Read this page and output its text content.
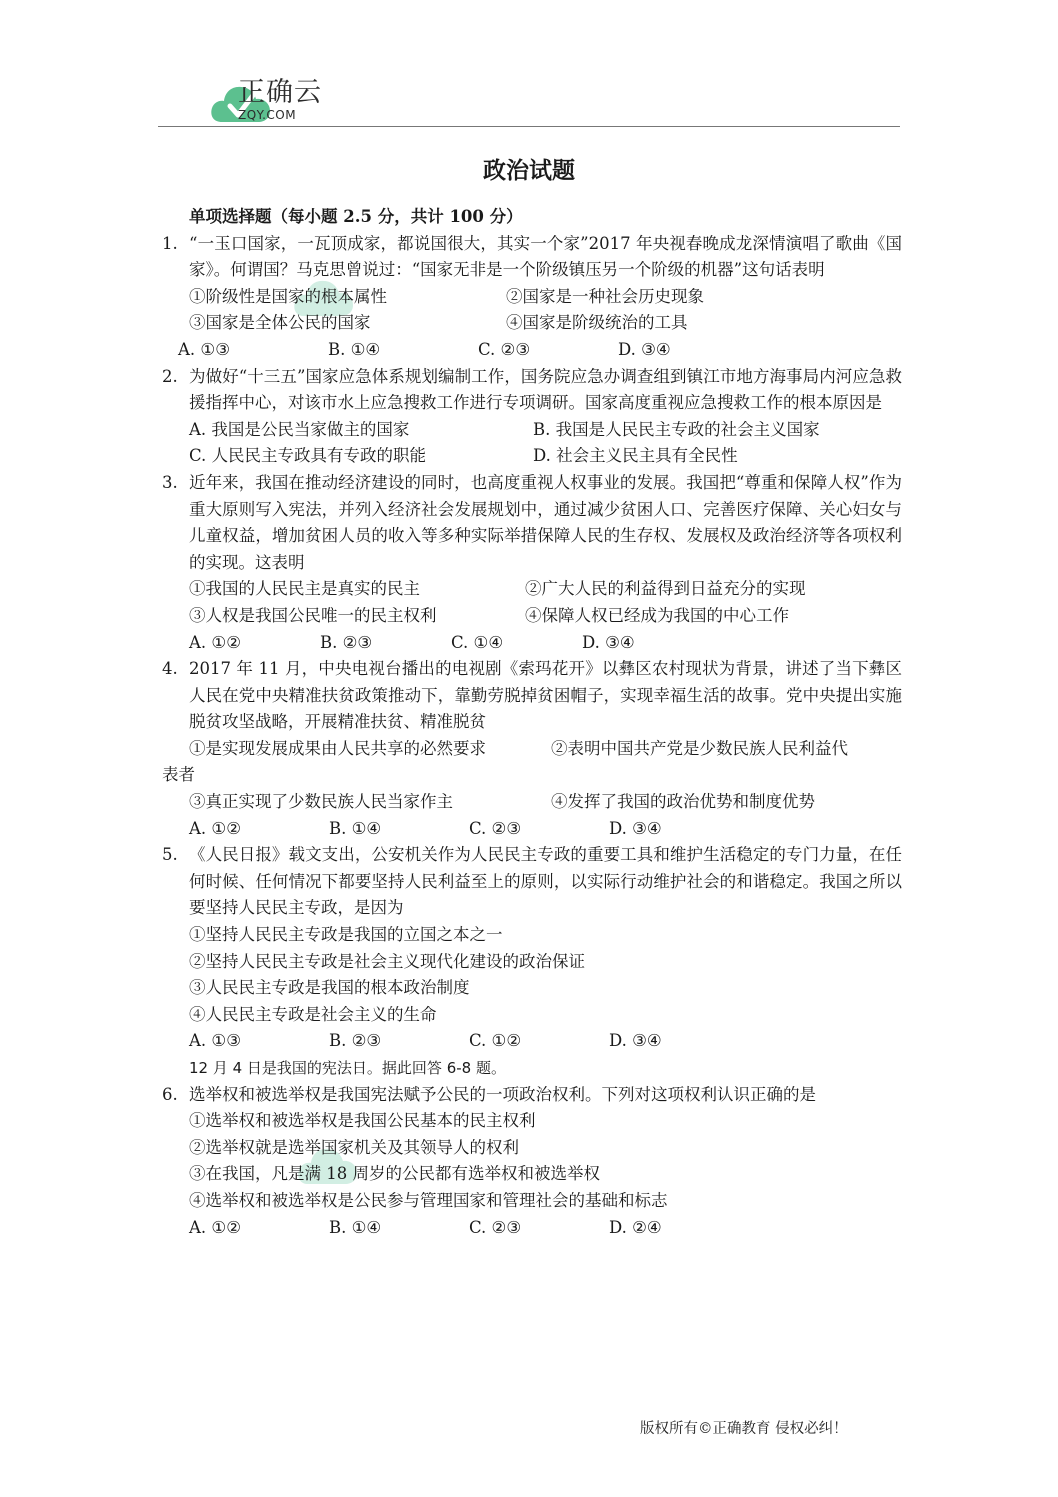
正确云
ZQY.COM
政治试题
单项选择题（每小题 2.5 分，共计 100 分）
1. “一玉口国家，一瓦顶成家，都说国很大，其实一个家”2017 年央视春晚成龙深情演唱了歌曲《国家》。何谓国？马克思曾说过：“国家无非是一个阶级镇压另一个阶级的机器”这句话表明
①阶级性是国家的根本属性	②国家是一种社会历史现象
③国家是全体公民的国家	④国家是阶级统治的工具
A. ①③	B. ①④	C. ②③	D. ③④
2. 为做好“十三五”国家应急体系规划编制工作，国务院应急办调查组到镇江市地方海事局内河应急救援指挥中心，对该市水上应急搜救工作进行专项调研。国家高度重视应急搜救工作的根本原因是
A. 我国是公民当家做主的国家	B. 我国是人民民主专政的社会主义国家
C. 人民民主专政具有专政的职能	D. 社会主义民主具有全民性
3. 近年来，我国在推动经济建设的同时，也高度重视人权事业的发展。我国把“尊重和保障人权”作为重大原则写入宪法，并列入经济社会发展规划中，通过减少贫困人口、完善医疗保障、关心妇女与儿童权益，增加贫困人员的收入等多种实际举措保障人民的生存权、发展权及政治经济等各项权利的实现。这表明
①我国的人民民主是真实的民主	②广大人民的利益得到日益充分的实现
③人权是我国公民唯一的民主权利	④保障人权已经成为我国的中心工作
A. ①②	B. ②③	C. ①④	D. ③④
4. 2017 年 11 月，中央电视台播出的电视剧《索玛花开》以彝区农村现状为背景，讲述了当下彝区人民在党中央精准扶贫政策推动下，靠勤劳脱掉贫困帽子，实现幸福生活的故事。党中央提出实施脱贫攻坚战略，开展精准扶贫、精准脱贫
①是实现发展成果由人民共享的必然要求	②表明中国共产党是少数民族人民利益代
表者
③真正实现了少数民族人民当家作主	④发挥了我国的政治优势和制度优势
A. ①②	B. ①④	C. ②③	D. ③④
5. 《人民日报》载文支出，公安机关作为人民民主专政的重要工具和维护生活稳定的专门力量，在任何时候、任何情况下都要坚持人民利益至上的原则，以实际行动维护社会的和谐稳定。我国之所以要坚持人民民主专政，是因为
①坚持人民民主专政是我国的立国之本之一
②坚持人民民主专政是社会主义现代化建设的政治保证
③人民民主专政是我国的根本政治制度
④人民民主专政是社会主义的生命
A. ①③	B. ②③	C. ①②	D. ③④
12 月 4 日是我国的宪法日。据此回答 6-8 题。
6. 选举权和被选举权是我国宪法赋予公民的一项政治权利。下列对这项权利认识正确的是
①选举权和被选举权是我国公民基本的民主权利
②选举权就是选举国家机关及其领导人的权利
③在我国，凡是满 18 周岁的公民都有选举权和被选举权
④选举权和被选举权是公民参与管理国家和管理社会的基础和标志
A. ①②	B. ①④	C. ②③	D. ②④
版权所有©正确教育 侵权必纠！
